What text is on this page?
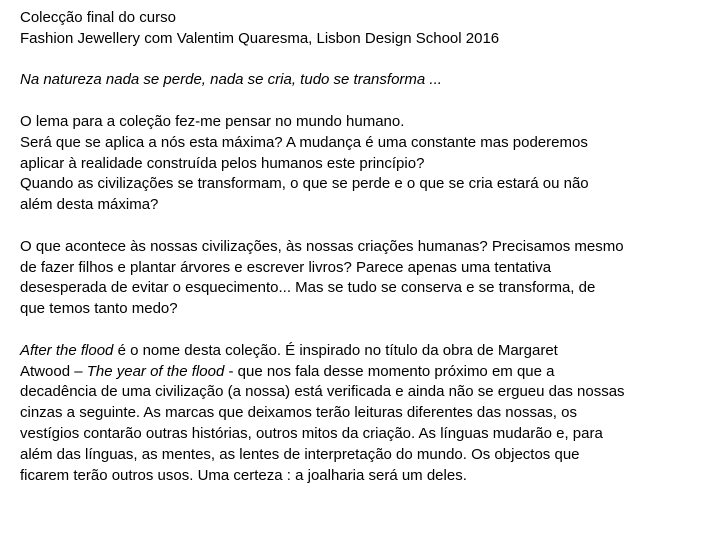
Colecção final do curso
Fashion Jewellery com Valentim Quaresma, Lisbon Design School 2016
Na natureza nada se perde, nada se cria, tudo se transforma ...
O lema para a coleção fez-me pensar no mundo humano.
Será que se aplica a nós esta máxima? A mudança é uma constante mas poderemos
aplicar à realidade construída pelos humanos este princípio?
Quando as civilizações se transformam, o que se perde e o que se cria estará ou não
além desta máxima?
O que acontece às nossas civilizações, às nossas criações humanas? Precisamos mesmo
de fazer filhos e plantar árvores e escrever livros? Parece apenas uma tentativa
desesperada de evitar o esquecimento... Mas se tudo se conserva e se transforma, de
que temos tanto medo?
After the flood é o nome desta coleção. É inspirado no título da obra de Margaret
Atwood – The year of the flood - que nos fala desse momento próximo em que a
decadência de uma civilização (a nossa) está verificada e ainda não se ergueu das nossas
cinzas a seguinte. As marcas que deixamos terão leituras diferentes das nossas, os
vestígios contarão outras histórias, outros mitos da criação. As línguas mudarão e, para
além das línguas, as mentes, as lentes de interpretação do mundo. Os objectos que
ficarem terão outros usos. Uma certeza : a joalharia será um deles.
